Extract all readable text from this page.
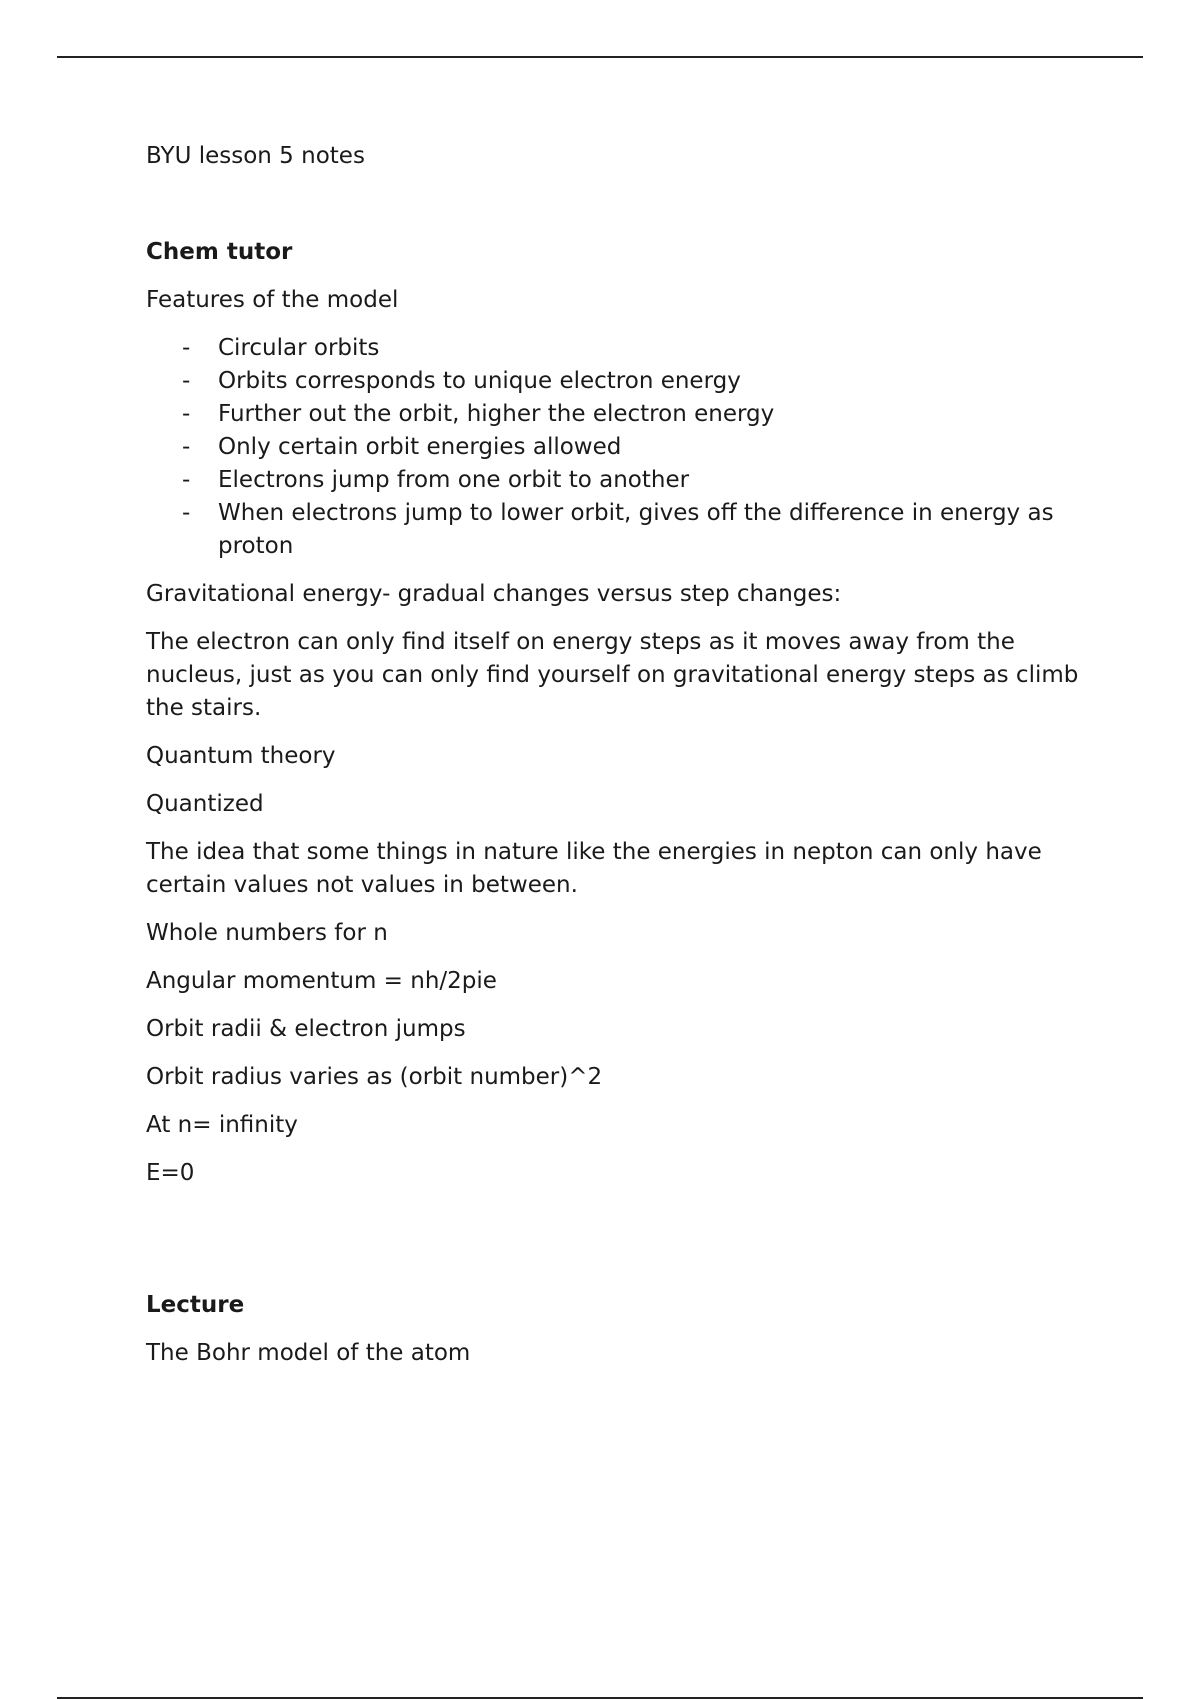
BYU lesson 5 notes

Chem tutor

Features of the model

- Circular orbits
- Orbits corresponds to unique electron energy
- Further out the orbit, higher the electron energy
- Only certain orbit energies allowed
- Electrons jump from one orbit to another
- When electrons jump to lower orbit, gives off the difference in energy as proton

Gravitational energy- gradual changes versus step changes:

The electron can only find itself on energy steps as it moves away from the nucleus, just as you can only find yourself on gravitational energy steps as climb the stairs.

Quantum theory

Quantized

The idea that some things in nature like the energies in nepton can only have certain values not values in between.

Whole numbers for n

Angular momentum = nh/2pie

Orbit radii & electron jumps

Orbit radius varies as (orbit number)^2

At n= infinity

E=0

Lecture

The Bohr model of the atom
